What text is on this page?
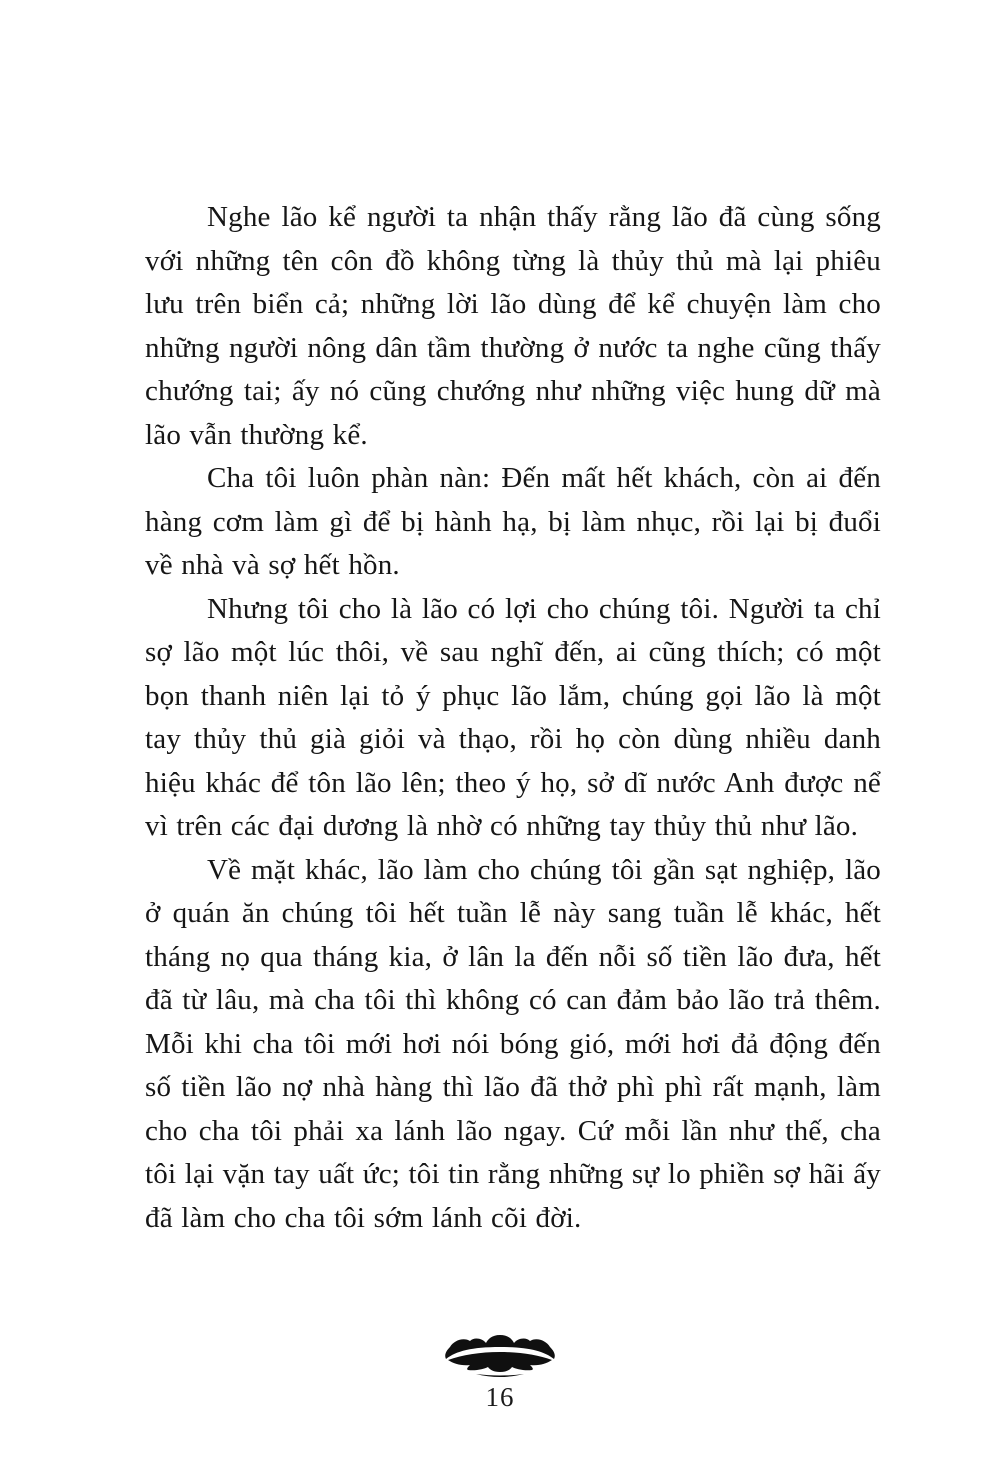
Nghe lão kể người ta nhận thấy rằng lão đã cùng sống với những tên côn đồ không từng là thủy thủ mà lại phiêu lưu trên biển cả; những lời lão dùng để kể chuyện làm cho những người nông dân tầm thường ở nước ta nghe cũng thấy chướng tai; ấy nó cũng chướng như những việc hung dữ mà lão vẫn thường kể.

Cha tôi luôn phàn nàn: Đến mất hết khách, còn ai đến hàng cơm làm gì để bị hành hạ, bị làm nhục, rồi lại bị đuổi về nhà và sợ hết hồn.

Nhưng tôi cho là lão có lợi cho chúng tôi. Người ta chỉ sợ lão một lúc thôi, về sau nghĩ đến, ai cũng thích; có một bọn thanh niên lại tỏ ý phục lão lắm, chúng gọi lão là một tay thủy thủ già giỏi và thạo, rồi họ còn dùng nhiều danh hiệu khác để tôn lão lên; theo ý họ, sở dĩ nước Anh được nể vì trên các đại dương là nhờ có những tay thủy thủ như lão.

Về mặt khác, lão làm cho chúng tôi gần sạt nghiệp, lão ở quán ăn chúng tôi hết tuần lễ này sang tuần lễ khác, hết tháng nọ qua tháng kia, ở lân la đến nỗi số tiền lão đưa, hết đã từ lâu, mà cha tôi thì không có can đảm bảo lão trả thêm. Mỗi khi cha tôi mới hơi nói bóng gió, mới hơi đả động đến số tiền lão nợ nhà hàng thì lão đã thở phì phì rất mạnh, làm cho cha tôi phải xa lánh lão ngay. Cứ mỗi lần như thế, cha tôi lại vặn tay uất ức; tôi tin rằng những sự lo phiền sợ hãi ấy đã làm cho cha tôi sớm lánh cõi đời.

16
